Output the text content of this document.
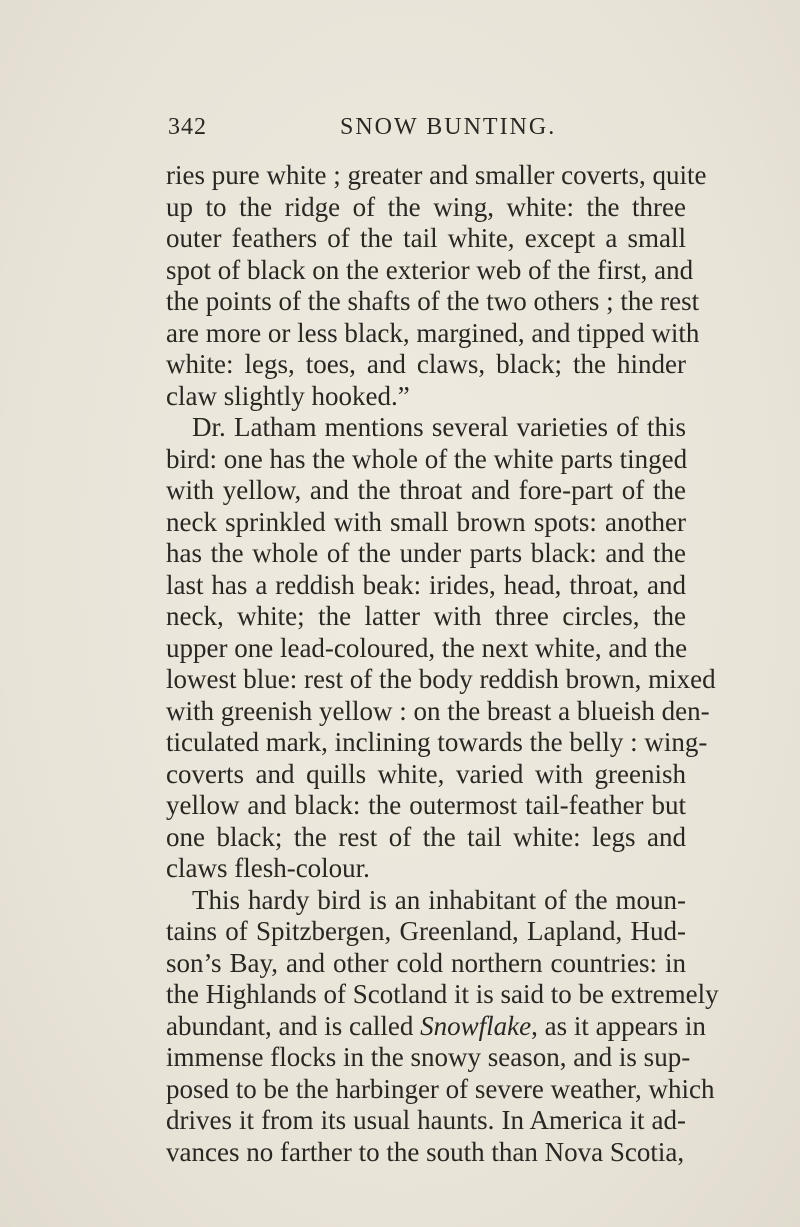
342	SNOW BUNTING.
ries pure white ; greater and smaller coverts, quite
up to the ridge of the wing, white: the three
outer feathers of the tail white, except a small
spot of black on the exterior web of the first, and
the points of the shafts of the two others ; the rest
are more or less black, margined, and tipped with
white: legs, toes, and claws, black; the hinder
claw slightly hooked.”
Dr. Latham mentions several varieties of this
bird: one has the whole of the white parts tinged
with yellow, and the throat and fore-part of the
neck sprinkled with small brown spots: another
has the whole of the under parts black: and the
last has a reddish beak: irides, head, throat, and
neck, white; the latter with three circles, the
upper one lead-coloured, the next white, and the
lowest blue: rest of the body reddish brown, mixed
with greenish yellow : on the breast a blueish den-
ticulated mark, inclining towards the belly : wing-
coverts and quills white, varied with greenish
yellow and black: the outermost tail-feather but
one black; the rest of the tail white: legs and
claws flesh-colour.
This hardy bird is an inhabitant of the moun-
tains of Spitzbergen, Greenland, Lapland, Hud-
son’s Bay, and other cold northern countries: in
the Highlands of Scotland it is said to be extremely
abundant, and is called Snowflake, as it appears in
immense flocks in the snowy season, and is sup-
posed to be the harbinger of severe weather, which
drives it from its usual haunts. In America it ad-
vances no farther to the south than Nova Scotia,
